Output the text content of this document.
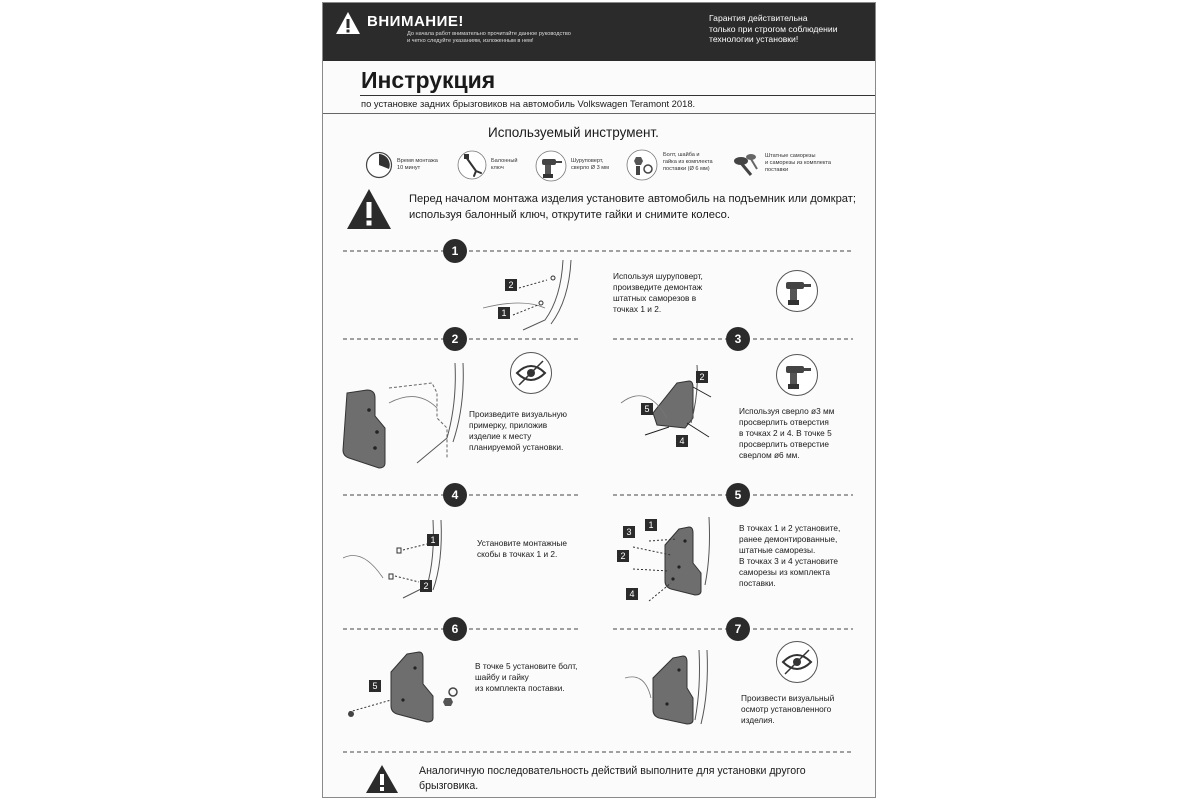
ВНИМАНИЕ!
До начала работ внимательно прочитайте данное руководство
и четко следуйте указаниям, изложенным в нем!
Гарантия действительна
только при строгом соблюдении
технологии установки!
Инструкция
по установке задних брызговиков на автомобиль Volkswagen Teramont 2018.
Используемый инструмент.
Время монтажа
10 минут
Балонный
ключ
Шуруповерт,
сверло Ø 3 мм
Болт, шайба и
гайка из комплекта
поставки (Ø 6 мм)
Штатные саморезы
и саморезы из комплекта
поставки
Перед началом монтажа изделия установите автомобиль на подъемник или домкрат; используя балонный ключ, открутите гайки и снимите колесо.
1
2
1
Используя шуруповерт,
произведите демонтаж
штатных саморезов в
точках 1 и 2.
2	3
Произведите визуальную
примерку, приложив
изделие к месту
планируемой установки.
2
5
4
Используя сверло ø3 мм
просверлить отверстия
в точках 2 и 4. В точке 5
просверлить отверстие
сверлом ø6 мм.
4	5
1
2
Установите монтажные
скобы в точках 1 и 2.
1
3
2
4
В точках 1 и 2 установите,
ранее демонтированные,
штатные саморезы.
В точках 3 и 4 установите
саморезы из комплекта
поставки.
6	7
5
В точке 5 установите болт,
шайбу и гайку
из комплекта поставки.
Произвести визуальный
осмотр установленного
изделия.
Аналогичную последовательность действий выполните для установки другого брызговика.
